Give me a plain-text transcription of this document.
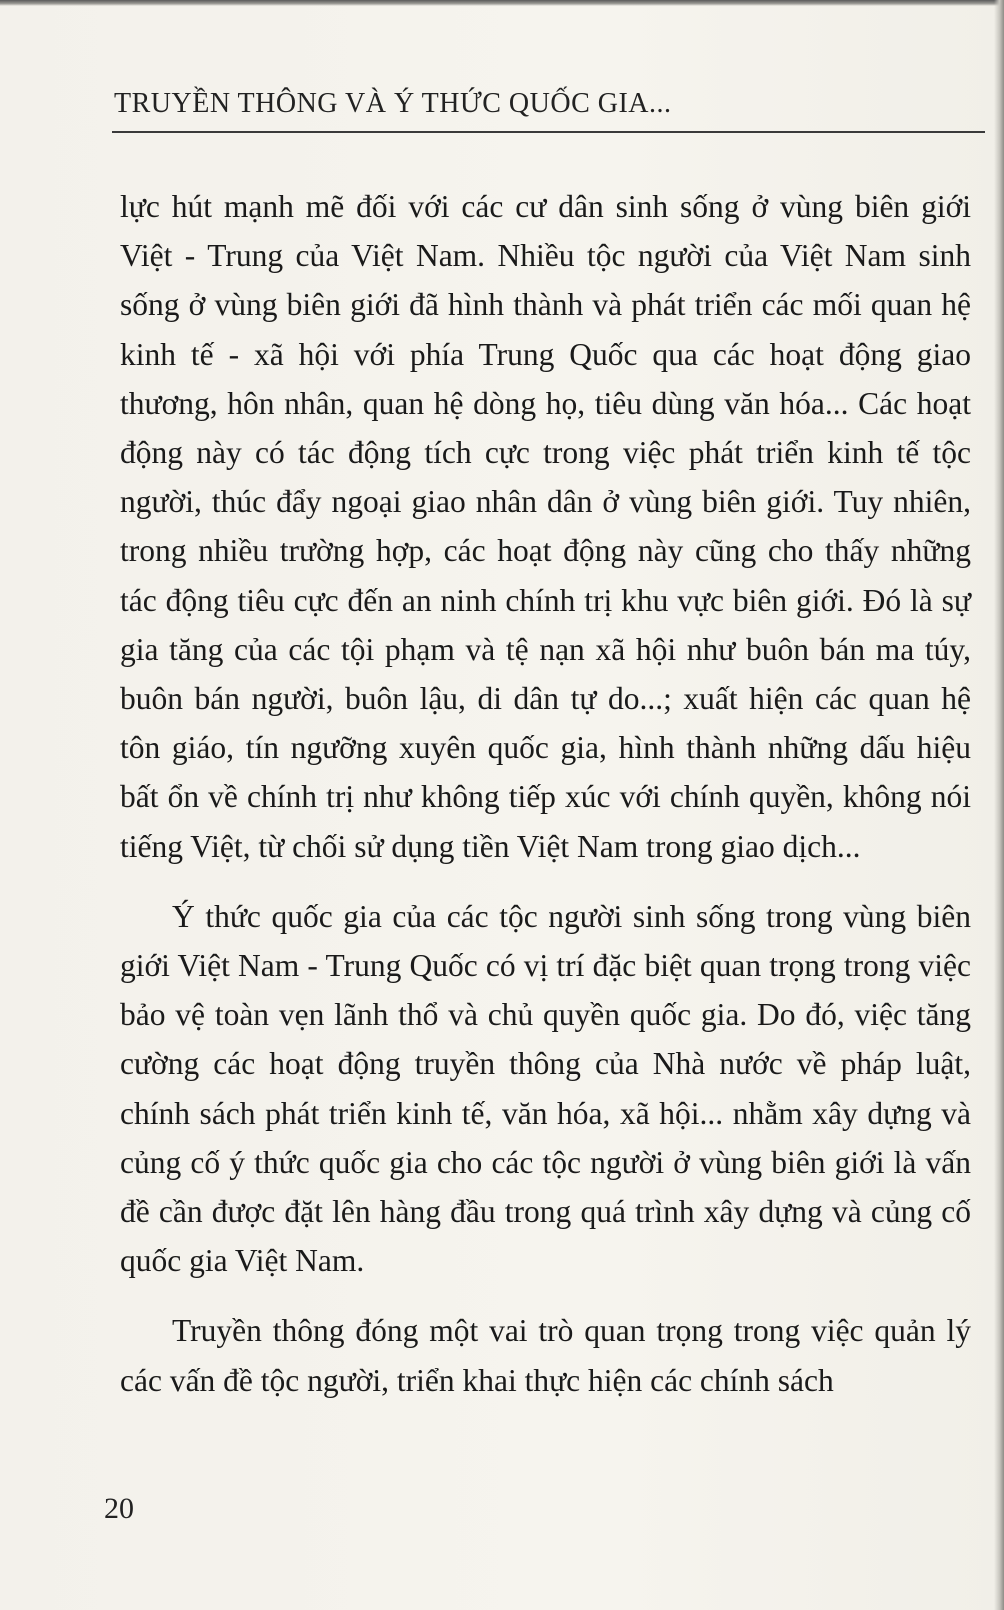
TRUYỀN THÔNG VÀ Ý THỨC QUỐC GIA...

lực hút mạnh mẽ đối với các cư dân sinh sống ở vùng biên giới Việt - Trung của Việt Nam. Nhiều tộc người của Việt Nam sinh sống ở vùng biên giới đã hình thành và phát triển các mối quan hệ kinh tế - xã hội với phía Trung Quốc qua các hoạt động giao thương, hôn nhân, quan hệ dòng họ, tiêu dùng văn hóa... Các hoạt động này có tác động tích cực trong việc phát triển kinh tế tộc người, thúc đẩy ngoại giao nhân dân ở vùng biên giới. Tuy nhiên, trong nhiều trường hợp, các hoạt động này cũng cho thấy những tác động tiêu cực đến an ninh chính trị khu vực biên giới. Đó là sự gia tăng của các tội phạm và tệ nạn xã hội như buôn bán ma túy, buôn bán người, buôn lậu, di dân tự do...; xuất hiện các quan hệ tôn giáo, tín ngưỡng xuyên quốc gia, hình thành những dấu hiệu bất ổn về chính trị như không tiếp xúc với chính quyền, không nói tiếng Việt, từ chối sử dụng tiền Việt Nam trong giao dịch...

Ý thức quốc gia của các tộc người sinh sống trong vùng biên giới Việt Nam - Trung Quốc có vị trí đặc biệt quan trọng trong việc bảo vệ toàn vẹn lãnh thổ và chủ quyền quốc gia. Do đó, việc tăng cường các hoạt động truyền thông của Nhà nước về pháp luật, chính sách phát triển kinh tế, văn hóa, xã hội... nhằm xây dựng và củng cố ý thức quốc gia cho các tộc người ở vùng biên giới là vấn đề cần được đặt lên hàng đầu trong quá trình xây dựng và củng cố quốc gia Việt Nam.

Truyền thông đóng một vai trò quan trọng trong việc quản lý các vấn đề tộc người, triển khai thực hiện các chính sách

20
